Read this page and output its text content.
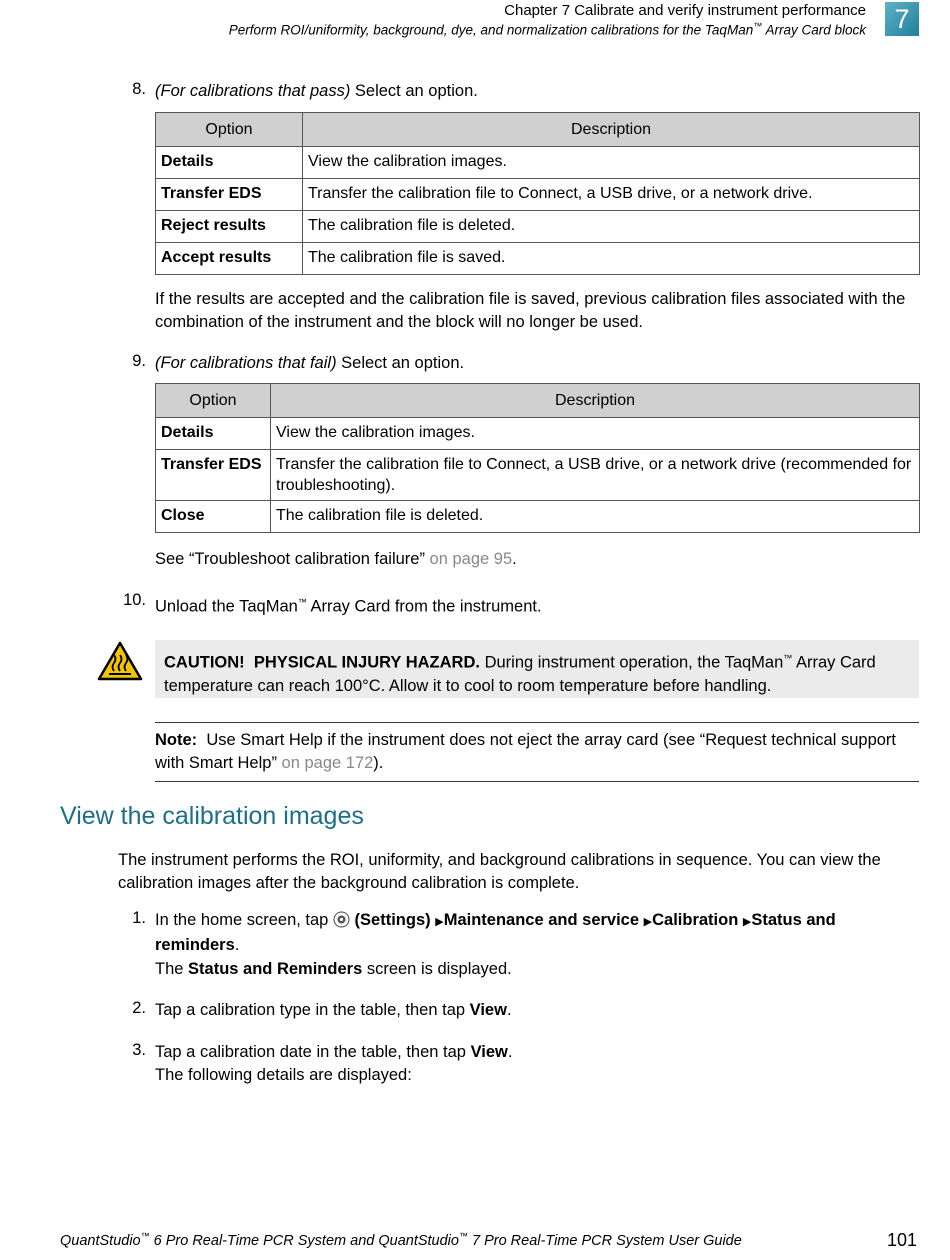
Chapter 7 Calibrate and verify instrument performance
Perform ROI/uniformity, background, dye, and normalization calibrations for the TaqMan™ Array Card block	7
8. (For calibrations that pass) Select an option.
Option	Description
Details	View the calibration images.
Transfer EDS	Transfer the calibration file to Connect, a USB drive, or a network drive.
Reject results	The calibration file is deleted.
Accept results	The calibration file is saved.
If the results are accepted and the calibration file is saved, previous calibration files associated with the combination of the instrument and the block will no longer be used.
9. (For calibrations that fail) Select an option.
Option	Description
Details	View the calibration images.
Transfer EDS	Transfer the calibration file to Connect, a USB drive, or a network drive (recommended for troubleshooting).
Close	The calibration file is deleted.
See “Troubleshoot calibration failure” on page 95.
10. Unload the TaqMan™ Array Card from the instrument.
CAUTION! PHYSICAL INJURY HAZARD. During instrument operation, the TaqMan™ Array Card temperature can reach 100°C. Allow it to cool to room temperature before handling.
Note: Use Smart Help if the instrument does not eject the array card (see “Request technical support with Smart Help” on page 172).
View the calibration images
The instrument performs the ROI, uniformity, and background calibrations in sequence. You can view the calibration images after the background calibration is complete.
1. In the home screen, tap  (Settings) ▶Maintenance and service ▶Calibration ▶Status and reminders.
The Status and Reminders screen is displayed.
2. Tap a calibration type in the table, then tap View.
3. Tap a calibration date in the table, then tap View.
The following details are displayed:
QuantStudio™ 6 Pro Real-Time PCR System and QuantStudio™ 7 Pro Real-Time PCR System User Guide	101
